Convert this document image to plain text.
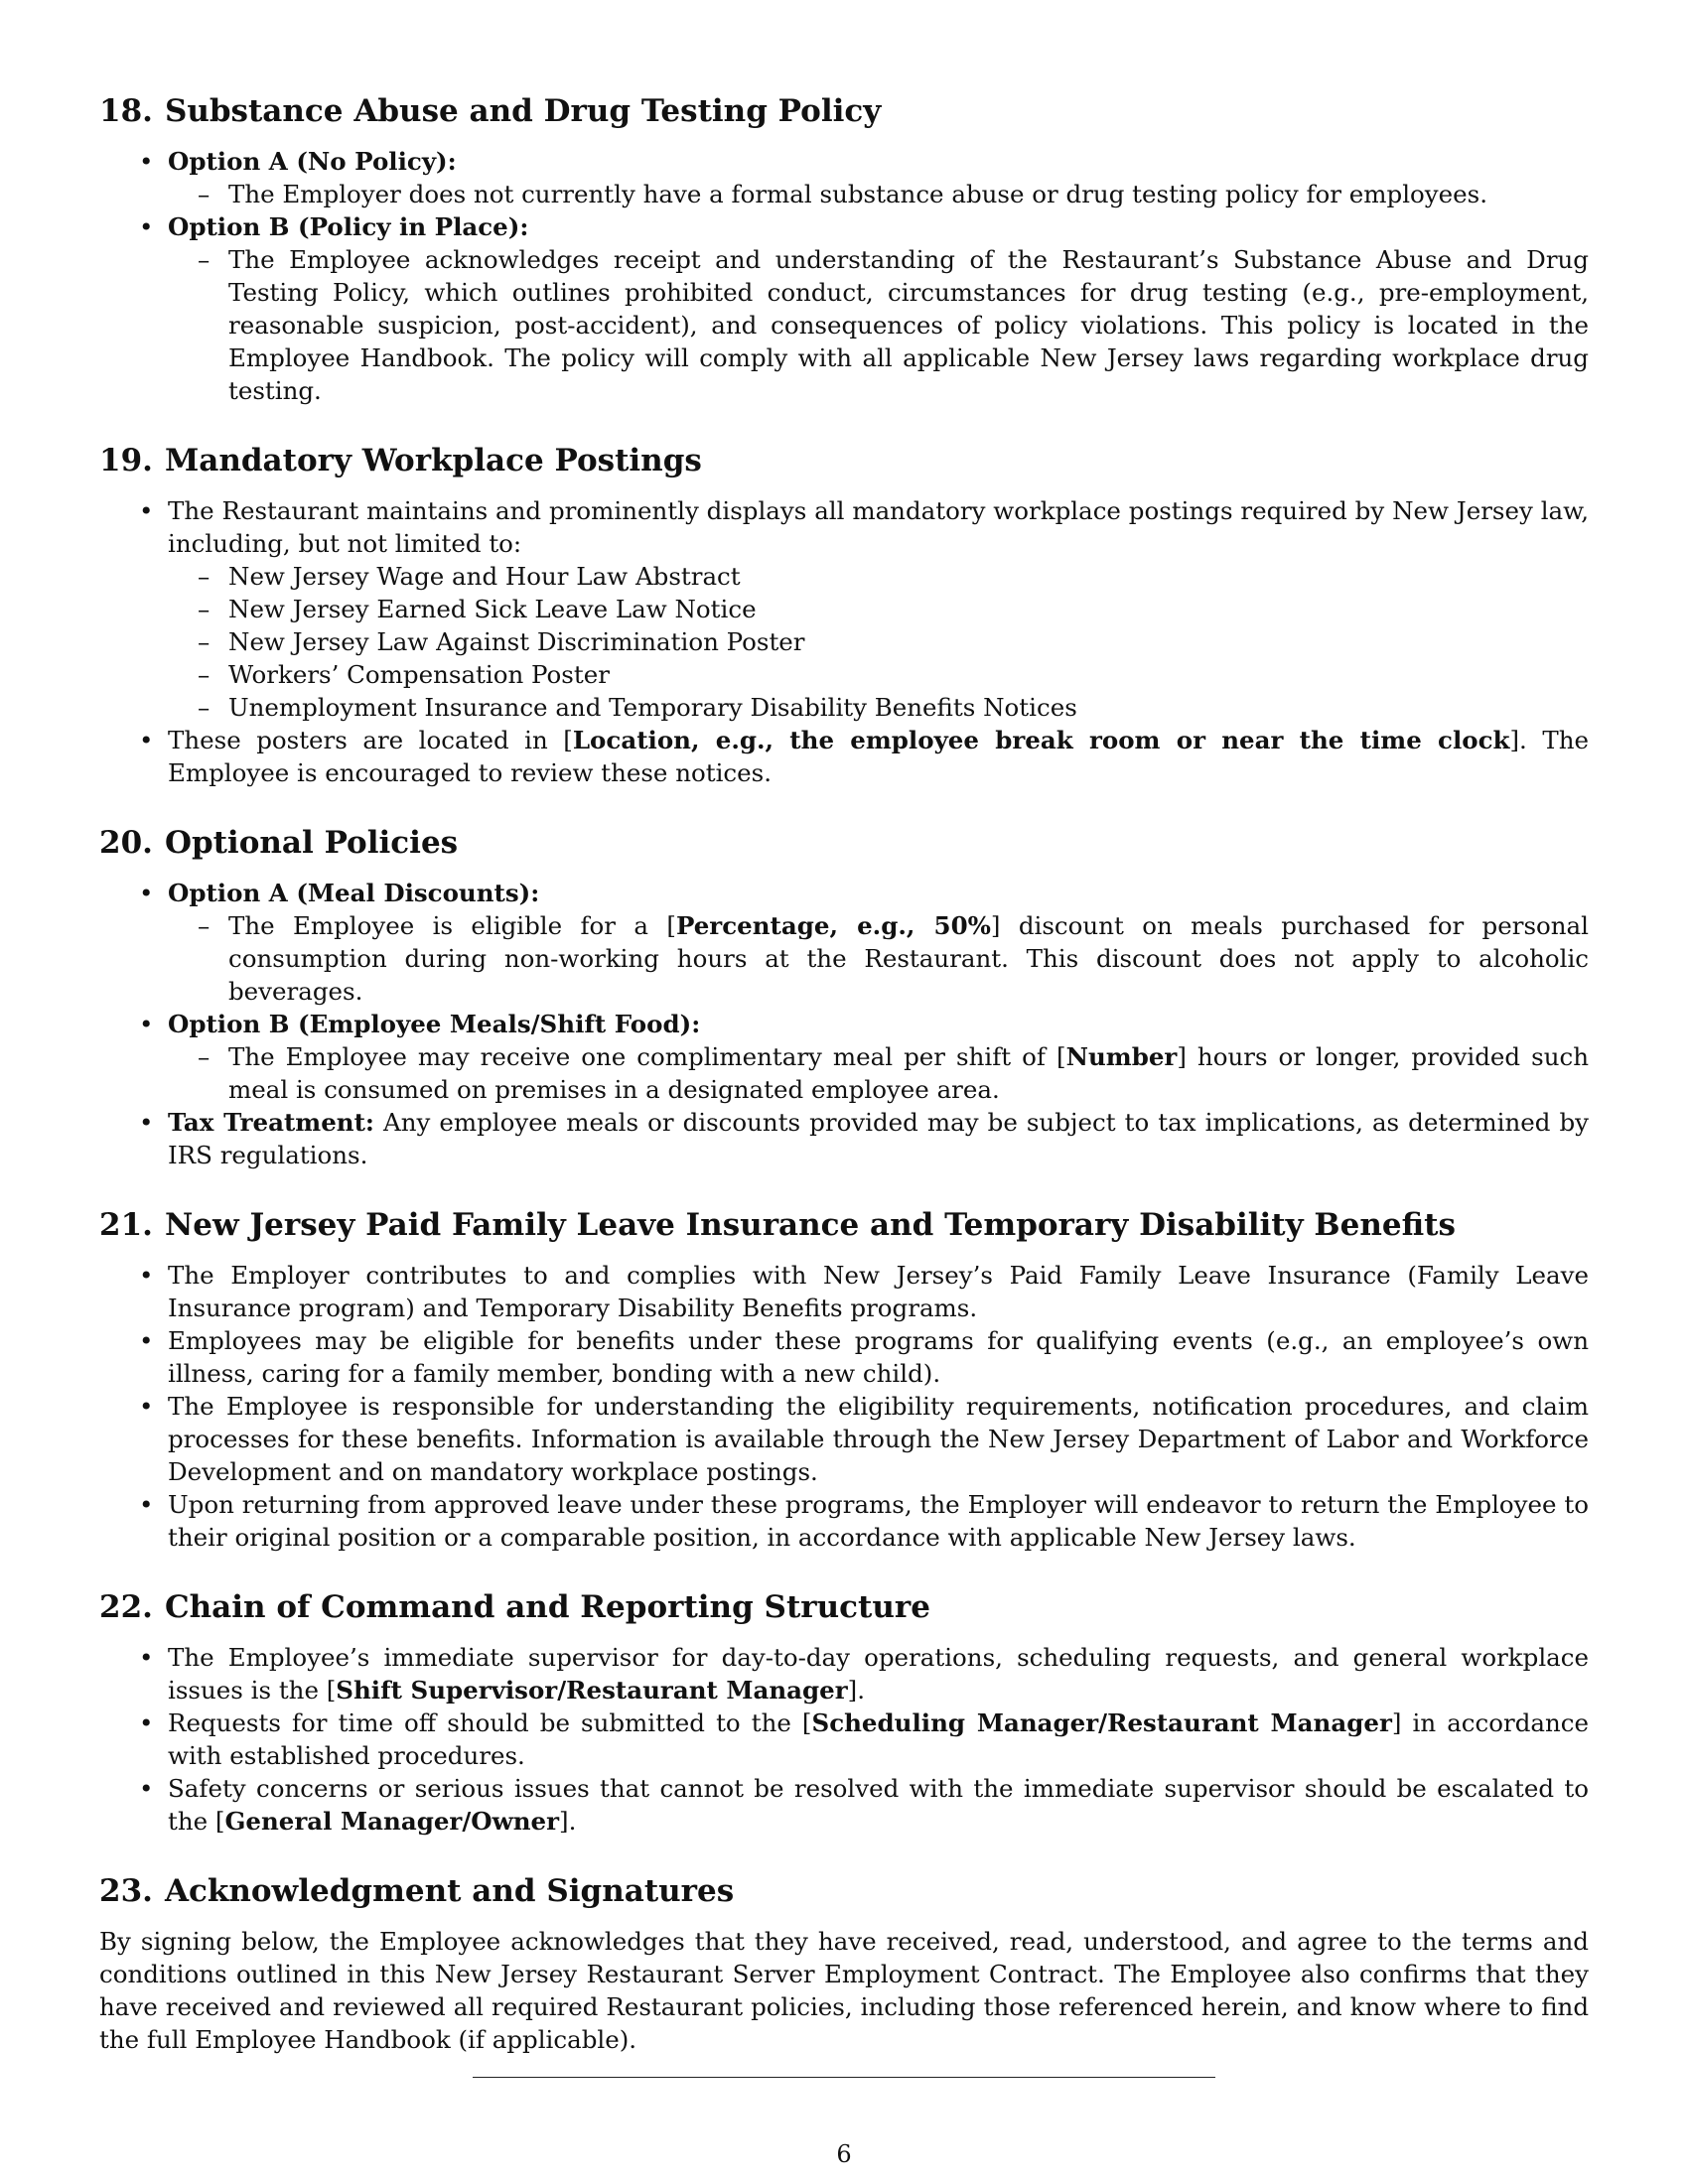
18. Substance Abuse and Drug Testing Policy
• Option A (No Policy):
– The Employer does not currently have a formal substance abuse or drug testing policy for employees.
• Option B (Policy in Place):
– The Employee acknowledges receipt and understanding of the Restaurant’s Substance Abuse and Drug Testing Policy, which outlines prohibited conduct, circumstances for drug testing (e.g., pre-employment, reasonable suspicion, post-accident), and consequences of policy violations. This policy is located in the Employee Handbook. The policy will comply with all applicable New Jersey laws regarding workplace drug testing.
19. Mandatory Workplace Postings
• The Restaurant maintains and prominently displays all mandatory workplace postings required by New Jersey law, including, but not limited to:
– New Jersey Wage and Hour Law Abstract
– New Jersey Earned Sick Leave Law Notice
– New Jersey Law Against Discrimination Poster
– Workers’ Compensation Poster
– Unemployment Insurance and Temporary Disability Benefits Notices
• These posters are located in [Location, e.g., the employee break room or near the time clock]. The Employee is encouraged to review these notices.
20. Optional Policies
• Option A (Meal Discounts):
– The Employee is eligible for a [Percentage, e.g., 50%] discount on meals purchased for personal consumption during non-working hours at the Restaurant. This discount does not apply to alcoholic beverages.
• Option B (Employee Meals/Shift Food):
– The Employee may receive one complimentary meal per shift of [Number] hours or longer, provided such meal is consumed on premises in a designated employee area.
• Tax Treatment: Any employee meals or discounts provided may be subject to tax implications, as determined by IRS regulations.
21. New Jersey Paid Family Leave Insurance and Temporary Disability Benefits
• The Employer contributes to and complies with New Jersey’s Paid Family Leave Insurance (Family Leave Insurance program) and Temporary Disability Benefits programs.
• Employees may be eligible for benefits under these programs for qualifying events (e.g., an employee’s own illness, caring for a family member, bonding with a new child).
• The Employee is responsible for understanding the eligibility requirements, notification procedures, and claim processes for these benefits. Information is available through the New Jersey Department of Labor and Workforce Development and on mandatory workplace postings.
• Upon returning from approved leave under these programs, the Employer will endeavor to return the Employee to their original position or a comparable position, in accordance with applicable New Jersey laws.
22. Chain of Command and Reporting Structure
• The Employee’s immediate supervisor for day-to-day operations, scheduling requests, and general workplace issues is the [Shift Supervisor/Restaurant Manager].
• Requests for time off should be submitted to the [Scheduling Manager/Restaurant Manager] in accordance with established procedures.
• Safety concerns or serious issues that cannot be resolved with the immediate supervisor should be escalated to the [General Manager/Owner].
23. Acknowledgment and Signatures

By signing below, the Employee acknowledges that they have received, read, understood, and agree to the terms and conditions outlined in this New Jersey Restaurant Server Employment Contract. The Employee also confirms that they have received and reviewed all required Restaurant policies, including those referenced herein, and know where to find the full Employee Handbook (if applicable).

6
